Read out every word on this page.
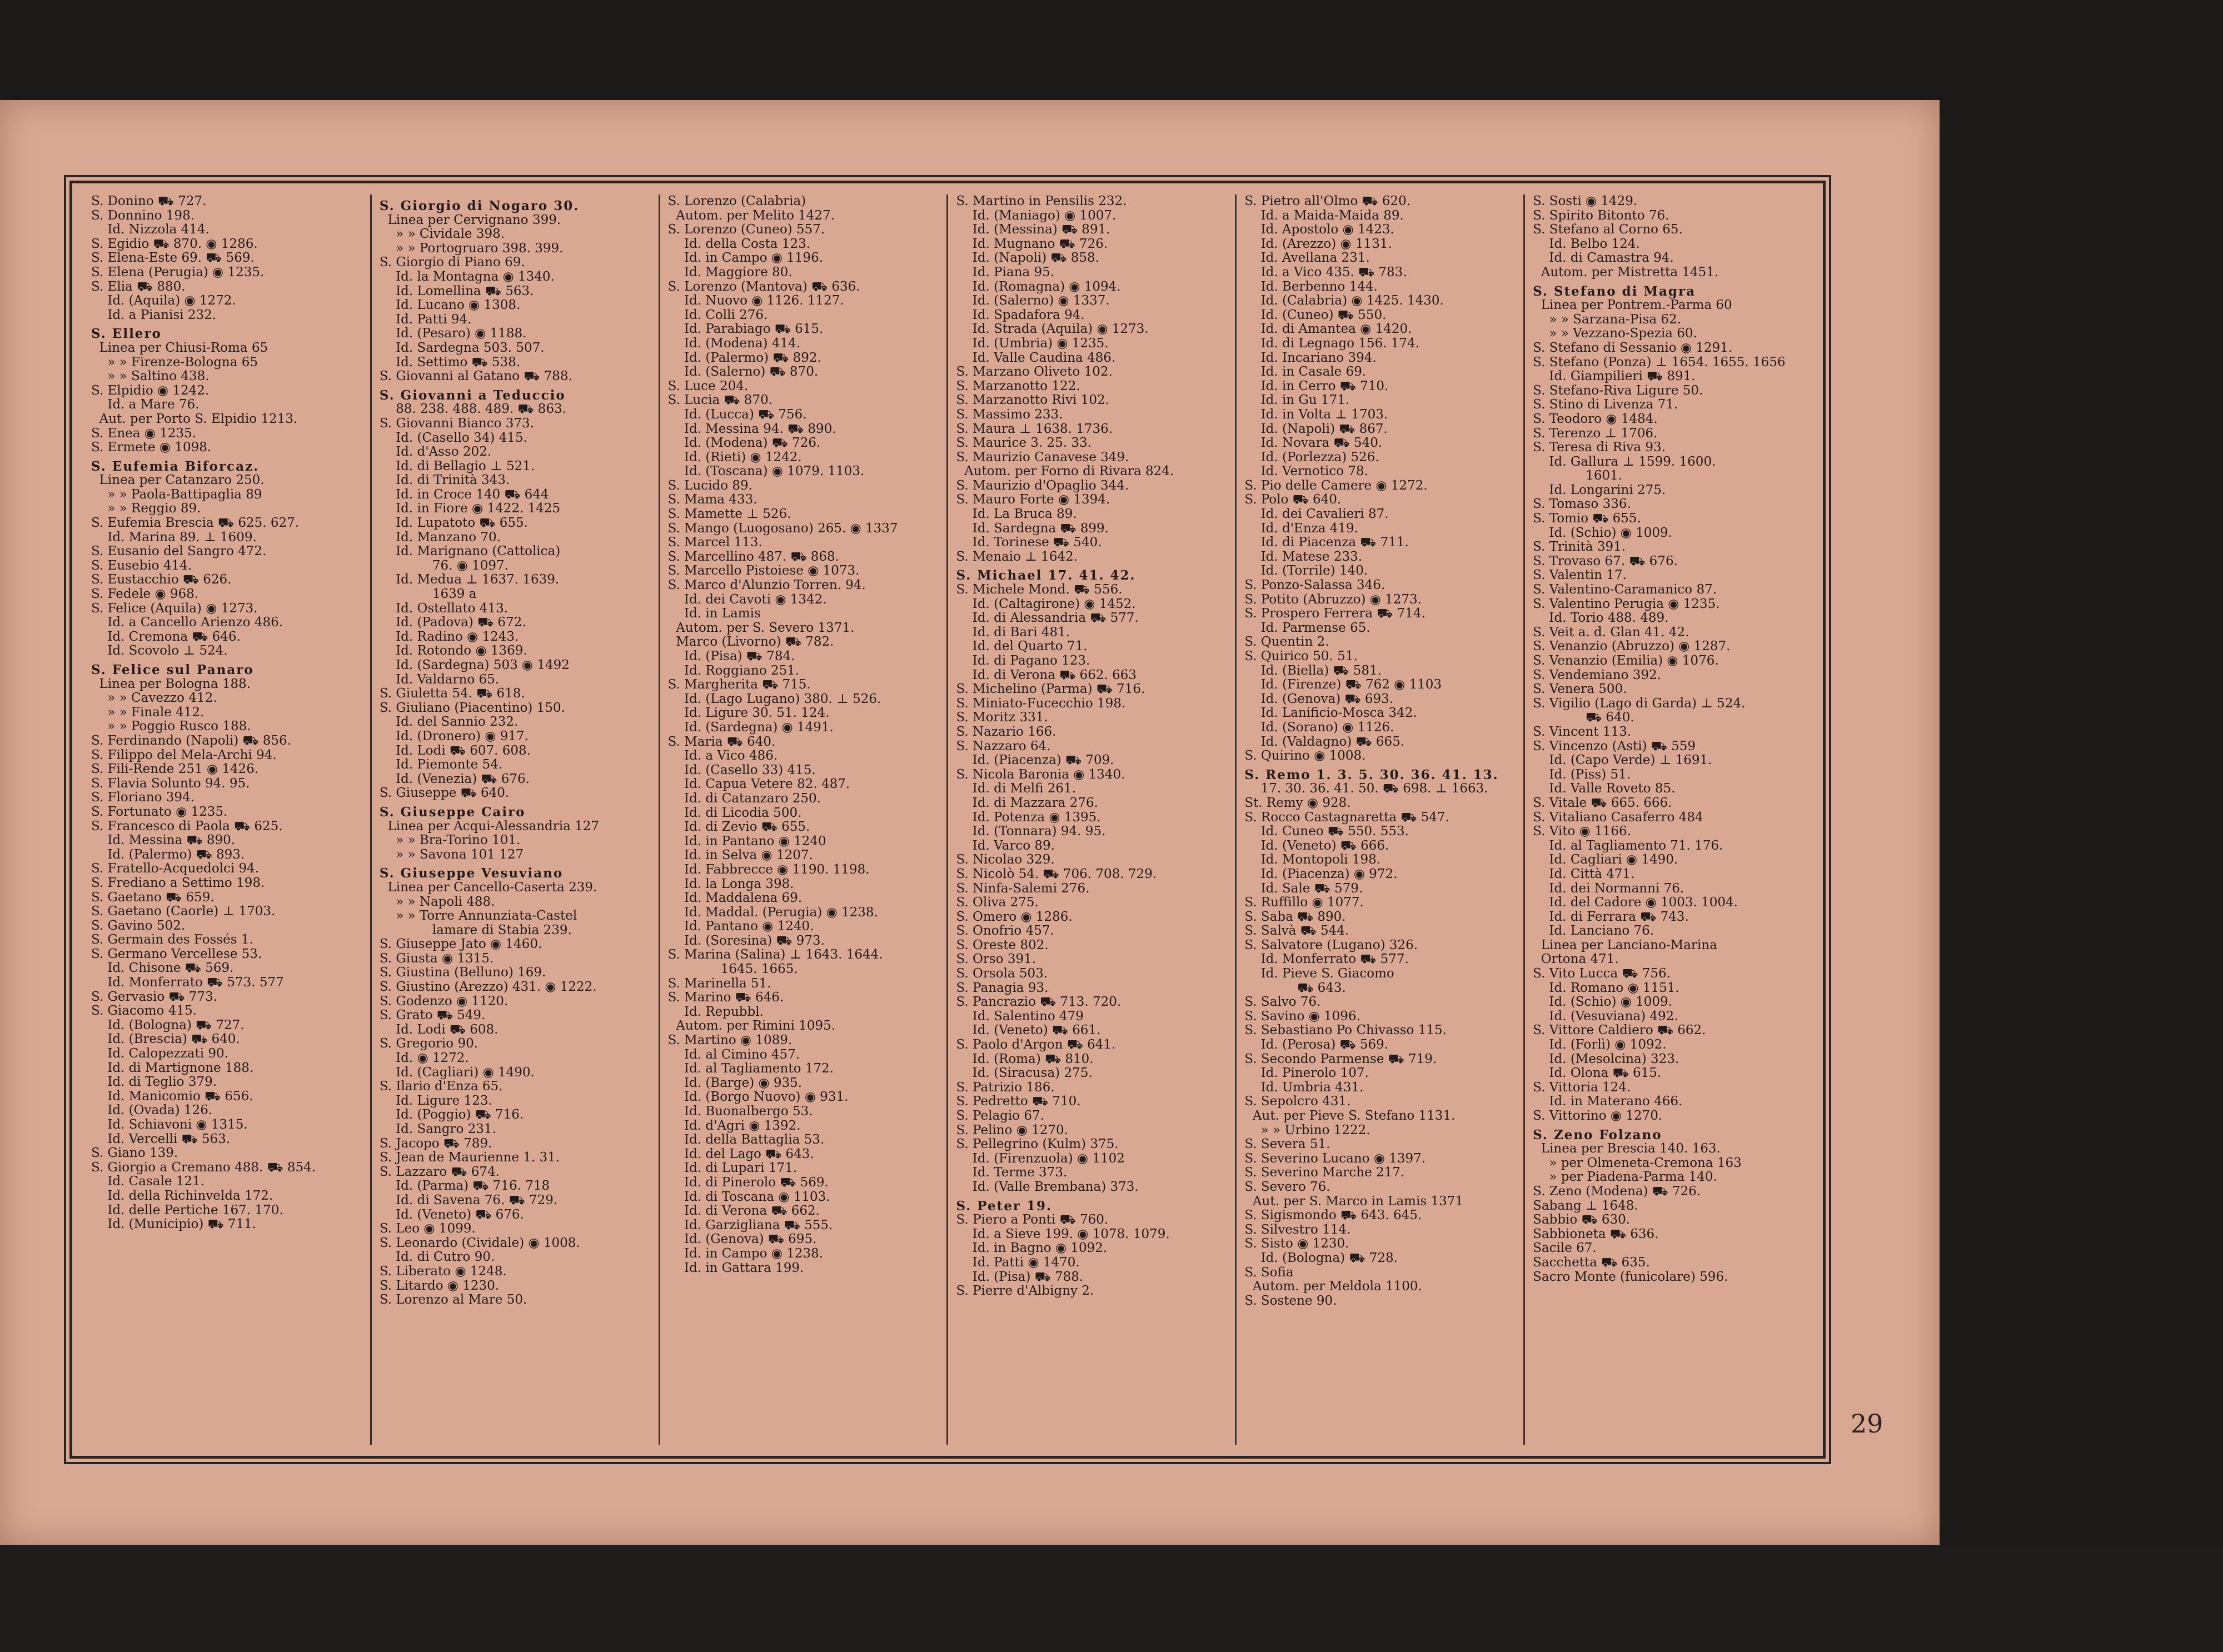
S. Donino ⛟ 727.
S. Donnino 198.
Id. Nizzola 414.
S. Egidio ⛟ 870. ◉ 1286.
S. Elena-Este 69. ⛟ 569.
S. Elena (Perugia) ◉ 1235.
S. Elia ⛟ 880.
Id. (Aquila) ◉ 1272.
Id. a Pianisi 232.
S. Ellero
Linea per Chiusi-Roma 65
» » Firenze-Bologna 65
» » Saltino 438.
S. Elpidio ◉ 1242.
Id. a Mare 76.
Aut. per Porto S. Elpidio 1213.
S. Enea ◉ 1235.
S. Ermete ◉ 1098.
S. Eufemia Biforcaz.
Linea per Catanzaro 250.
» » Paola-Battipaglia 89
» » Reggio 89.
S. Eufemia Brescia ⛟ 625. 627.
Id. Marina 89. ⊥ 1609.
S. Eusanio del Sangro 472.
S. Eusebio 414.
S. Eustacchio ⛟ 626.
S. Fedele ◉ 968.
S. Felice (Aquila) ◉ 1273.
Id. a Cancello Arienzo 486.
Id. Cremona ⛟ 646.
Id. Scovolo ⊥ 524.
S. Felice sul Panaro
Linea per Bologna 188.
» » Cavezzo 412.
» » Finale 412.
» » Poggio Rusco 188.
S. Ferdinando (Napoli) ⛟ 856.
S. Filippo del Mela-Archi 94.
S. Fili-Rende 251 ◉ 1426.
S. Flavia Solunto 94. 95.
S. Floriano 394.
S. Fortunato ◉ 1235.
S. Francesco di Paola ⛟ 625.
Id. Messina ⛟ 890.
Id. (Palermo) ⛟ 893.
S. Fratello-Acquedolci 94.
S. Frediano a Settimo 198.
S. Gaetano ⛟ 659.
S. Gaetano (Caorle) ⊥ 1703.
S. Gavino 502.
S. Germain des Fossés 1.
S. Germano Vercellese 53.
Id. Chisone ⛟ 569.
Id. Monferrato ⛟ 573. 577
S. Gervasio ⛟ 773.
S. Giacomo 415.
Id. (Bologna) ⛟ 727.
Id. (Brescia) ⛟ 640.
Id. Calopezzati 90.
Id. di Martignone 188.
Id. di Teglio 379.
Id. Manicomio ⛟ 656.
Id. (Ovada) 126.
Id. Schiavoni ◉ 1315.
Id. Vercelli ⛟ 563.
S. Giano 139.
S. Giorgio a Cremano 488. ⛟ 854.
Id. Casale 121.
Id. della Richinvelda 172.
Id. delle Pertiche 167. 170.
Id. (Municipio) ⛟ 711.
S. Giorgio di Nogaro 30.
Linea per Cervignano 399.
» » Cividale 398.
» » Portogruaro 398. 399.
S. Giorgio di Piano 69.
Id. la Montagna ◉ 1340.
Id. Lomellina ⛟ 563.
Id. Lucano ◉ 1308.
Id. Patti 94.
Id. (Pesaro) ◉ 1188.
Id. Sardegna 503. 507.
Id. Settimo ⛟ 538.
S. Giovanni al Gatano ⛟ 788.
S. Giovanni a Teduccio
88. 238. 488. 489. ⛟ 863.
S. Giovanni Bianco 373.
Id. (Casello 34) 415.
Id. d'Asso 202.
Id. di Bellagio ⊥ 521.
Id. di Trinità 343.
Id. in Croce 140 ⛟ 644
Id. in Fiore ◉ 1422. 1425
Id. Lupatoto ⛟ 655.
Id. Manzano 70.
Id. Marignano (Cattolica)
76. ◉ 1097.
Id. Medua ⊥ 1637. 1639.
1639 a
Id. Ostellato 413.
Id. (Padova) ⛟ 672.
Id. Radino ◉ 1243.
Id. Rotondo ◉ 1369.
Id. (Sardegna) 503 ◉ 1492
Id. Valdarno 65.
S. Giuletta 54. ⛟ 618.
S. Giuliano (Piacentino) 150.
Id. del Sannio 232.
Id. (Dronero) ◉ 917.
Id. Lodi ⛟ 607. 608.
Id. Piemonte 54.
Id. (Venezia) ⛟ 676.
S. Giuseppe ⛟ 640.
S. Giuseppe Cairo
Linea per Acqui-Alessandria 127
» » Bra-Torino 101.
» » Savona 101 127
S. Giuseppe Vesuviano
Linea per Cancello-Caserta 239.
» » Napoli 488.
» » Torre Annunziata-Castel
lamare di Stabia 239.
S. Giuseppe Jato ◉ 1460.
S. Giusta ◉ 1315.
S. Giustina (Belluno) 169.
S. Giustino (Arezzo) 431. ◉ 1222.
S. Godenzo ◉ 1120.
S. Grato ⛟ 549.
Id. Lodi ⛟ 608.
S. Gregorio 90.
Id. ◉ 1272.
Id. (Cagliari) ◉ 1490.
S. Ilario d'Enza 65.
Id. Ligure 123.
Id. (Poggio) ⛟ 716.
Id. Sangro 231.
S. Jacopo ⛟ 789.
S. Jean de Maurienne 1. 31.
S. Lazzaro ⛟ 674.
Id. (Parma) ⛟ 716. 718
Id. di Savena 76. ⛟ 729.
Id. (Veneto) ⛟ 676.
S. Leo ◉ 1099.
S. Leonardo (Cividale) ◉ 1008.
Id. di Cutro 90.
S. Liberato ◉ 1248.
S. Litardo ◉ 1230.
S. Lorenzo al Mare 50.
S. Lorenzo (Calabria)
Autom. per Melito 1427.
S. Lorenzo (Cuneo) 557.
Id. della Costa 123.
Id. in Campo ◉ 1196.
Id. Maggiore 80.
S. Lorenzo (Mantova) ⛟ 636.
Id. Nuovo ◉ 1126. 1127.
Id. Colli 276.
Id. Parabiago ⛟ 615.
Id. (Modena) 414.
Id. (Palermo) ⛟ 892.
Id. (Salerno) ⛟ 870.
S. Luce 204.
S. Lucia ⛟ 870.
Id. (Lucca) ⛟ 756.
Id. Messina 94. ⛟ 890.
Id. (Modena) ⛟ 726.
Id. (Rieti) ◉ 1242.
Id. (Toscana) ◉ 1079. 1103.
S. Lucido 89.
S. Mama 433.
S. Mamette ⊥ 526.
S. Mango (Luogosano) 265. ◉ 1337
S. Marcel 113.
S. Marcellino 487. ⛟ 868.
S. Marcello Pistoiese ◉ 1073.
S. Marco d'Alunzio Torren. 94.
Id. dei Cavoti ◉ 1342.
Id. in Lamis
Autom. per S. Severo 1371.
Marco (Livorno) ⛟ 782.
Id. (Pisa) ⛟ 784.
Id. Roggiano 251.
S. Margherita ⛟ 715.
Id. (Lago Lugano) 380. ⊥ 526.
Id. Ligure 30. 51. 124.
Id. (Sardegna) ◉ 1491.
S. Maria ⛟ 640.
Id. a Vico 486.
Id. (Casello 33) 415.
Id. Capua Vetere 82. 487.
Id. di Catanzaro 250.
Id. di Licodia 500.
Id. di Zevio ⛟ 655.
Id. in Pantano ◉ 1240
Id. in Selva ◉ 1207.
Id. Fabbrecce ◉ 1190. 1198.
Id. la Longa 398.
Id. Maddalena 69.
Id. Maddal. (Perugia) ◉ 1238.
Id. Pantano ◉ 1240.
Id. (Soresina) ⛟ 973.
S. Marina (Salina) ⊥ 1643. 1644.
1645. 1665.
S. Marinella 51.
S. Marino ⛟ 646.
Id. Repubbl.
Autom. per Rimini 1095.
S. Martino ◉ 1089.
Id. al Cimino 457.
Id. al Tagliamento 172.
Id. (Barge) ◉ 935.
Id. (Borgo Nuovo) ◉ 931.
Id. Buonalbergo 53.
Id. d'Agri ◉ 1392.
Id. della Battaglia 53.
Id. del Lago ⛟ 643.
Id. di Lupari 171.
Id. di Pinerolo ⛟ 569.
Id. di Toscana ◉ 1103.
Id. di Verona ⛟ 662.
Id. Garzigliana ⛟ 555.
Id. (Genova) ⛟ 695.
Id. in Campo ◉ 1238.
Id. in Gattara 199.
S. Martino in Pensilis 232.
Id. (Maniago) ◉ 1007.
Id. (Messina) ⛟ 891.
Id. Mugnano ⛟ 726.
Id. (Napoli) ⛟ 858.
Id. Piana 95.
Id. (Romagna) ◉ 1094.
Id. (Salerno) ◉ 1337.
Id. Spadafora 94.
Id. Strada (Aquila) ◉ 1273.
Id. (Umbria) ◉ 1235.
Id. Valle Caudina 486.
S. Marzano Oliveto 102.
S. Marzanotto 122.
S. Marzanotto Rivi 102.
S. Massimo 233.
S. Maura ⊥ 1638. 1736.
S. Maurice 3. 25. 33.
S. Maurizio Canavese 349.
Autom. per Forno di Rivara 824.
S. Maurizio d'Opaglio 344.
S. Mauro Forte ◉ 1394.
Id. La Bruca 89.
Id. Sardegna ⛟ 899.
Id. Torinese ⛟ 540.
S. Menaio ⊥ 1642.
S. Michael 17. 41. 42.
S. Michele Mond. ⛟ 556.
Id. (Caltagirone) ◉ 1452.
Id. di Alessandria ⛟ 577.
Id. di Bari 481.
Id. del Quarto 71.
Id. di Pagano 123.
Id. di Verona ⛟ 662. 663
S. Michelino (Parma) ⛟ 716.
S. Miniato-Fucecchio 198.
S. Moritz 331.
S. Nazario 166.
S. Nazzaro 64.
Id. (Piacenza) ⛟ 709.
S. Nicola Baronia ◉ 1340.
Id. di Melfi 261.
Id. di Mazzara 276.
Id. Potenza ◉ 1395.
Id. (Tonnara) 94. 95.
Id. Varco 89.
S. Nicolao 329.
S. Nicolò 54. ⛟ 706. 708. 729.
S. Ninfa-Salemi 276.
S. Oliva 275.
S. Omero ◉ 1286.
S. Onofrio 457.
S. Oreste 802.
S. Orso 391.
S. Orsola 503.
S. Panagia 93.
S. Pancrazio ⛟ 713. 720.
Id. Salentino 479
Id. (Veneto) ⛟ 661.
S. Paolo d'Argon ⛟ 641.
Id. (Roma) ⛟ 810.
Id. (Siracusa) 275.
S. Patrizio 186.
S. Pedretto ⛟ 710.
S. Pelagio 67.
S. Pelino ◉ 1270.
S. Pellegrino (Kulm) 375.
Id. (Firenzuola) ◉ 1102
Id. Terme 373.
Id. (Valle Brembana) 373.
S. Peter 19.
S. Piero a Ponti ⛟ 760.
Id. a Sieve 199. ◉ 1078. 1079.
Id. in Bagno ◉ 1092.
Id. Patti ◉ 1470.
Id. (Pisa) ⛟ 788.
S. Pierre d'Albigny 2.
S. Pietro all'Olmo ⛟ 620.
Id. a Maida-Maida 89.
Id. Apostolo ◉ 1423.
Id. (Arezzo) ◉ 1131.
Id. Avellana 231.
Id. a Vico 435. ⛟ 783.
Id. Berbenno 144.
Id. (Calabria) ◉ 1425. 1430.
Id. (Cuneo) ⛟ 550.
Id. di Amantea ◉ 1420.
Id. di Legnago 156. 174.
Id. Incariano 394.
Id. in Casale 69.
Id. in Cerro ⛟ 710.
Id. in Gu 171.
Id. in Volta ⊥ 1703.
Id. (Napoli) ⛟ 867.
Id. Novara ⛟ 540.
Id. (Porlezza) 526.
Id. Vernotico 78.
S. Pio delle Camere ◉ 1272.
S. Polo ⛟ 640.
Id. dei Cavalieri 87.
Id. d'Enza 419.
Id. di Piacenza ⛟ 711.
Id. Matese 233.
Id. (Torrile) 140.
S. Ponzo-Salassa 346.
S. Potito (Abruzzo) ◉ 1273.
S. Prospero Ferrera ⛟ 714.
Id. Parmense 65.
S. Quentin 2.
S. Quirico 50. 51.
Id. (Biella) ⛟ 581.
Id. (Firenze) ⛟ 762 ◉ 1103
Id. (Genova) ⛟ 693.
Id. Lanificio-Mosca 342.
Id. (Sorano) ◉ 1126.
Id. (Valdagno) ⛟ 665.
S. Quirino ◉ 1008.
S. Remo 1. 3. 5. 30. 36. 41. 13.
17. 30. 36. 41. 50. ⛟ 698. ⊥ 1663.
St. Remy ◉ 928.
S. Rocco Castagnaretta ⛟ 547.
Id. Cuneo ⛟ 550. 553.
Id. (Veneto) ⛟ 666.
Id. Montopoli 198.
Id. (Piacenza) ◉ 972.
Id. Sale ⛟ 579.
S. Ruffillo ◉ 1077.
S. Saba ⛟ 890.
S. Salvà ⛟ 544.
S. Salvatore (Lugano) 326.
Id. Monferrato ⛟ 577.
Id. Pieve S. Giacomo
⛟ 643.
S. Salvo 76.
S. Savino ◉ 1096.
S. Sebastiano Po Chivasso 115.
Id. (Perosa) ⛟ 569.
S. Secondo Parmense ⛟ 719.
Id. Pinerolo 107.
Id. Umbria 431.
S. Sepolcro 431.
Aut. per Pieve S. Stefano 1131.
» » Urbino 1222.
S. Severa 51.
S. Severino Lucano ◉ 1397.
S. Severino Marche 217.
S. Severo 76.
Aut. per S. Marco in Lamis 1371
S. Sigismondo ⛟ 643. 645.
S. Silvestro 114.
S. Sisto ◉ 1230.
Id. (Bologna) ⛟ 728.
S. Sofia
Autom. per Meldola 1100.
S. Sostene 90.
S. Sosti ◉ 1429.
S. Spirito Bitonto 76.
S. Stefano al Corno 65.
Id. Belbo 124.
Id. di Camastra 94.
Autom. per Mistretta 1451.
S. Stefano di Magra
Linea per Pontrem.-Parma 60
» » Sarzana-Pisa 62.
» » Vezzano-Spezia 60.
S. Stefano di Sessanio ◉ 1291.
S. Stefano (Ponza) ⊥ 1654. 1655. 1656
Id. Giampilieri ⛟ 891.
S. Stefano-Riva Ligure 50.
S. Stino di Livenza 71.
S. Teodoro ◉ 1484.
S. Terenzo ⊥ 1706.
S. Teresa di Riva 93.
Id. Gallura ⊥ 1599. 1600.
1601.
Id. Longarini 275.
S. Tomaso 336.
S. Tomio ⛟ 655.
Id. (Schio) ◉ 1009.
S. Trinità 391.
S. Trovaso 67. ⛟ 676.
S. Valentin 17.
S. Valentino-Caramanico 87.
S. Valentino Perugia ◉ 1235.
Id. Torio 488. 489.
S. Veit a. d. Glan 41. 42.
S. Venanzio (Abruzzo) ◉ 1287.
S. Venanzio (Emilia) ◉ 1076.
S. Vendemiano 392.
S. Venera 500.
S. Vigilio (Lago di Garda) ⊥ 524.
⛟ 640.
S. Vincent 113.
S. Vincenzo (Asti) ⛟ 559
Id. (Capo Verde) ⊥ 1691.
Id. (Piss) 51.
Id. Valle Roveto 85.
S. Vitale ⛟ 665. 666.
S. Vitaliano Casaferro 484
S. Vito ◉ 1166.
Id. al Tagliamento 71. 176.
Id. Cagliari ◉ 1490.
Id. Città 471.
Id. dei Normanni 76.
Id. del Cadore ◉ 1003. 1004.
Id. di Ferrara ⛟ 743.
Id. Lanciano 76.
Linea per Lanciano-Marina
Ortona 471.
S. Vito Lucca ⛟ 756.
Id. Romano ◉ 1151.
Id. (Schio) ◉ 1009.
Id. (Vesuviana) 492.
S. Vittore Caldiero ⛟ 662.
Id. (Forlì) ◉ 1092.
Id. (Mesolcina) 323.
Id. Olona ⛟ 615.
S. Vittoria 124.
Id. in Materano 466.
S. Vittorino ◉ 1270.
S. Zeno Folzano
Linea per Brescia 140. 163.
» per Olmeneta-Cremona 163
» per Piadena-Parma 140.
S. Zeno (Modena) ⛟ 726.
Sabang ⊥ 1648.
Sabbio ⛟ 630.
Sabbioneta ⛟ 636.
Sacile 67.
Sacchetta ⛟ 635.
Sacro Monte (funicolare) 596.
29
